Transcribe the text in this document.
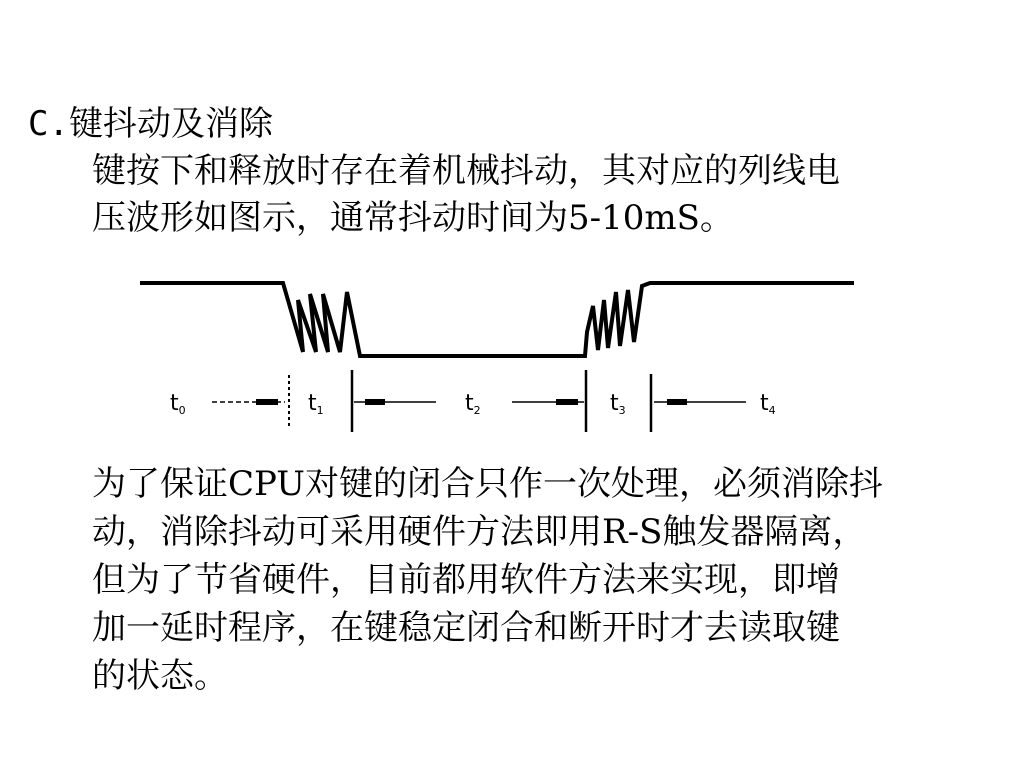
C.键抖动及消除

键按下和释放时存在着机械抖动，其对应的列线电
压波形如图示，通常抖动时间为5-10mS。

t0	t1	t2	t3	t4

为了保证CPU对键的闭合只作一次处理，必须消除抖
动，消除抖动可采用硬件方法即用R-S触发器隔离，
但为了节省硬件，目前都用软件方法来实现，即增
加一延时程序，在键稳定闭合和断开时才去读取键
的状态。
